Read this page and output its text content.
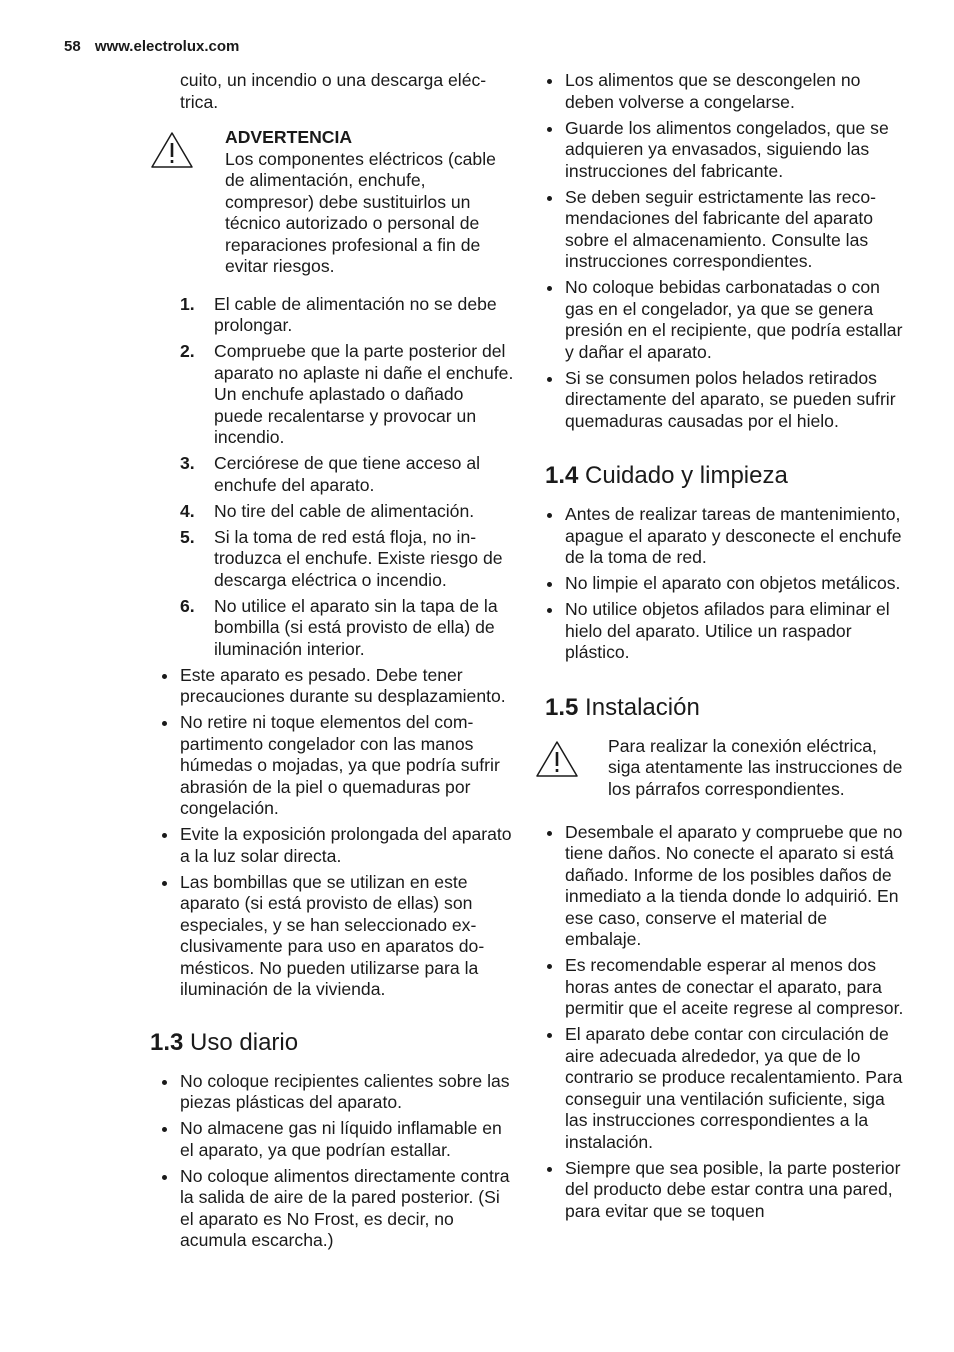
58 www.electrolux.com

cuito, un incendio o una descarga eléctrica.

ADVERTENCIA
Los componentes eléctricos (cable de alimentación, enchufe, compresor) debe sustituirlos un técnico autorizado o personal de reparaciones profesional a fin de evitar riesgos.
1. El cable de alimentación no se debe prolongar.
2. Compruebe que la parte posterior del aparato no aplaste ni dañe el enchufe. Un enchufe aplastado o dañado puede recalentarse y provocar un incendio.
3. Cerciórese de que tiene acceso al enchufe del aparato.
4. No tire del cable de alimentación.
5. Si la toma de red está floja, no introduzca el enchufe. Existe riesgo de descarga eléctrica o incendio.
6. No utilice el aparato sin la tapa de la bombilla (si está provisto de ella) de iluminación interior.
Este aparato es pesado. Debe tener precauciones durante su desplazamiento.
No retire ni toque elementos del compartimento congelador con las manos húmedas o mojadas, ya que podría sufrir abrasión de la piel o quemaduras por congelación.
Evite la exposición prolongada del aparato a la luz solar directa.
Las bombillas que se utilizan en este aparato (si está provisto de ellas) son especiales, y se han seleccionado exclusivamente para uso en aparatos domésticos. No pueden utilizarse para la iluminación de la vivienda.
1.3 Uso diario
No coloque recipientes calientes sobre las piezas plásticas del aparato.
No almacene gas ni líquido inflamable en el aparato, ya que podrían estallar.
No coloque alimentos directamente contra la salida de aire de la pared posterior. (Si el aparato es No Frost, es decir, no acumula escarcha.)
Los alimentos que se descongelen no deben volverse a congelarse.
Guarde los alimentos congelados, que se adquieren ya envasados, siguiendo las instrucciones del fabricante.
Se deben seguir estrictamente las recomendaciones del fabricante del aparato sobre el almacenamiento. Consulte las instrucciones correspondientes.
No coloque bebidas carbonatadas o con gas en el congelador, ya que se genera presión en el recipiente, que podría estallar y dañar el aparato.
Si se consumen polos helados retirados directamente del aparato, se pueden sufrir quemaduras causadas por el hielo.
1.4 Cuidado y limpieza
Antes de realizar tareas de mantenimiento, apague el aparato y desconecte el enchufe de la toma de red.
No limpie el aparato con objetos metálicos.
No utilice objetos afilados para eliminar el hielo del aparato. Utilice un raspador plástico.
1.5 Instalación
Para realizar la conexión eléctrica, siga atentamente las instrucciones de los párrafos correspondientes.
Desembale el aparato y compruebe que no tiene daños. No conecte el aparato si está dañado. Informe de los posibles daños de inmediato a la tienda donde lo adquirió. En ese caso, conserve el material de embalaje.
Es recomendable esperar al menos dos horas antes de conectar el aparato, para permitir que el aceite regrese al compresor.
El aparato debe contar con circulación de aire adecuada alrededor, ya que de lo contrario se produce recalentamiento. Para conseguir una ventilación suficiente, siga las instrucciones correspondientes a la instalación.
Siempre que sea posible, la parte posterior del producto debe estar contra una pared, para evitar que se toquen
